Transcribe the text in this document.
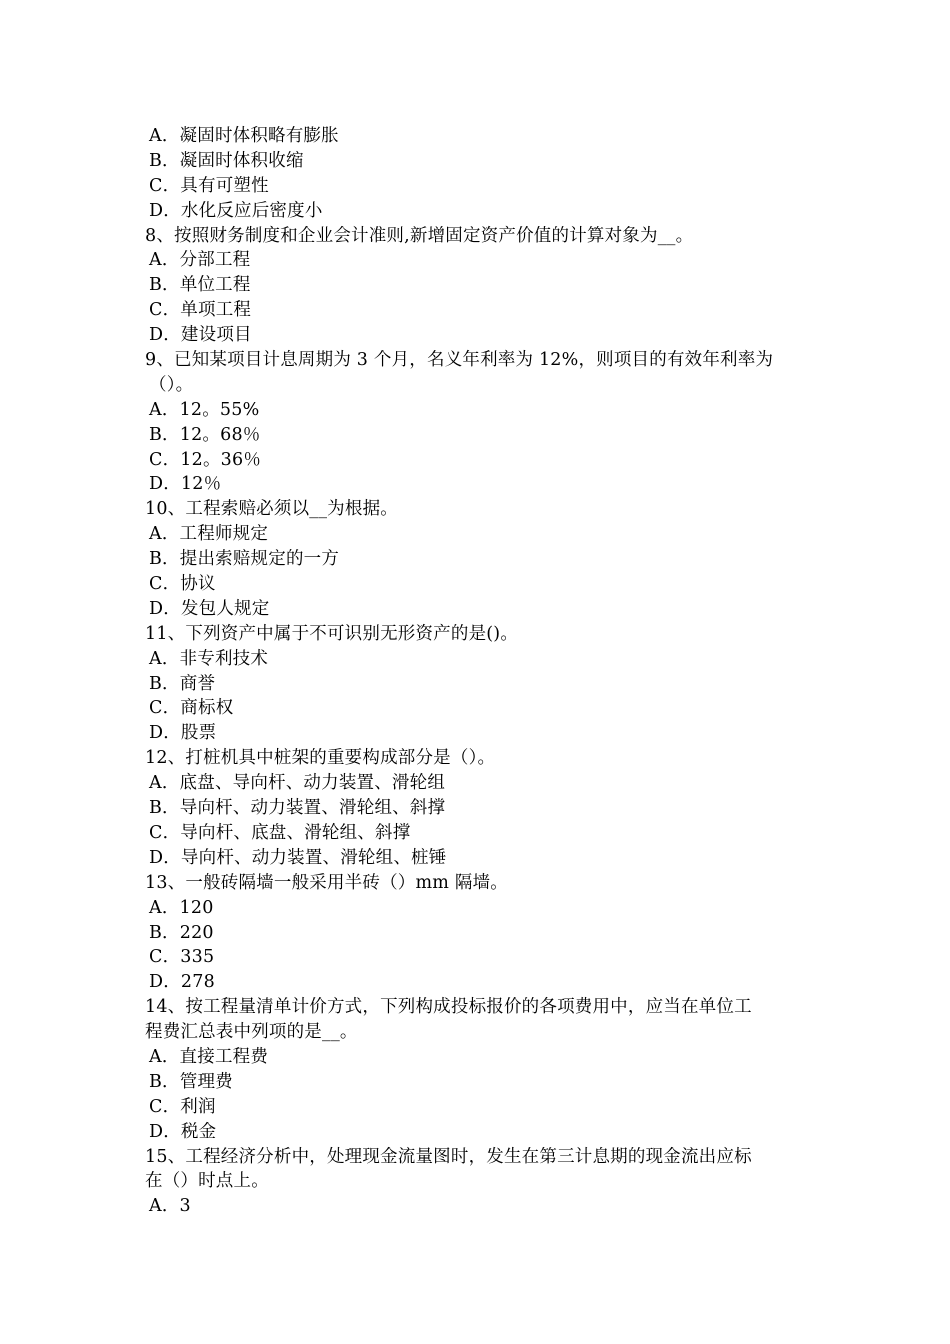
A．凝固时体积略有膨胀
B．凝固时体积收缩
C．具有可塑性
D．水化反应后密度小
8、按照财务制度和企业会计准则,新增固定资产价值的计算对象为__。
A．分部工程
B．单位工程
C．单项工程
D．建设项目
9、已知某项目计息周期为 3 个月，名义年利率为 12%，则项目的有效年利率为
（）。
A．12。55%
B．12。68％
C．12。36％
D．12％
10、工程索赔必须以__为根据。
A．工程师规定
B．提出索赔规定的一方
C．协议
D．发包人规定
11、下列资产中属于不可识别无形资产的是()。
A．非专利技术
B．商誉
C．商标权
D．股票
12、打桩机具中桩架的重要构成部分是（）。
A．底盘、导向杆、动力装置、滑轮组
B．导向杆、动力装置、滑轮组、斜撑
C．导向杆、底盘、滑轮组、斜撑
D．导向杆、动力装置、滑轮组、桩锤
13、一般砖隔墙一般采用半砖（）mm 隔墙。
A．120
B．220
C．335
D．278
14、按工程量清单计价方式，下列构成投标报价的各项费用中，应当在单位工
程费汇总表中列项的是__。
A．直接工程费
B．管理费
C．利润
D．税金
15、工程经济分析中，处理现金流量图时，发生在第三计息期的现金流出应标
在（）时点上。
A．3
